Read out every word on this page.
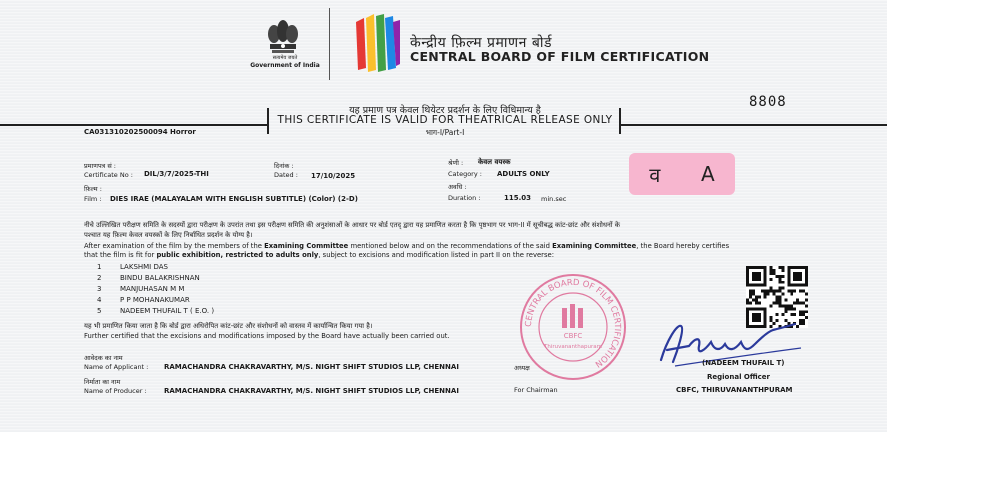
सत्यमेव जयते
Government of India
केन्द्रीय फ़िल्म प्रमाणन बोर्ड
CENTRAL BOARD OF FILM CERTIFICATION
8808
यह प्रमाण पत्र केवल थियेटर प्रदर्शन के लिए विधिमान्य है
THIS CERTIFICATE IS VALID FOR THEATRICAL RELEASE ONLY
भाग-I/Part-I
CA031310202500094 Horror
प्रमाणपत्र सं :
Certificate No : DIL/3/7/2025-THI
दिनांक :
Dated : 17/10/2025
श्रेणी : केवल वयस्क
Category : ADULTS ONLY
फ़िल्म :
Film : DIES IRAE (MALAYALAM WITH ENGLISH SUBTITLE) (Color) (2-D)
अवधि :
Duration :	115.03 min.sec
व A
नीचे उल्लिखित परीक्षण समिति के सदस्यों द्वारा परीक्षण के उपरांत तथा इस परीक्षण समिति की अनुशंसाओं के आधार पर बोर्ड एतद् द्वारा यह प्रमाणित करता है कि पृष्ठभाग पर भाग-II में सूचीबद्ध कांट-छांट और संशोधनों के
पश्चात यह फ़िल्म केवल वयस्कों के लिए निर्बाधित प्रदर्शन के योग्य है।
After examination of the film by the members of the Examining Committee mentioned below and on the recommendations of the said Examining Committee, the Board hereby certifies
that the film is fit for public exhibition, restricted to adults only, subject to excisions and modification listed in part II on the reverse:
1	LAKSHMI DAS
2	BINDU BALAKRISHNAN
3	MANJUHASAN M M
4	P P MOHANAKUMAR
5	NADEEM THUFAIL T ( E.O. )
यह भी प्रमाणित किया जाता है कि बोर्ड द्वारा अधिरोपित कांट-छांट और संशोधनों को वास्तव में कार्यान्वित किया गया है।
Further certified that the excisions and modifications imposed by the Board have actually been carried out.
आवेदक का नाम
Name of Applicant : RAMACHANDRA CHAKRAVARTHY, M/S. NIGHT SHIFT STUDIOS LLP, CHENNAI
निर्माता का नाम
Name of Producer : RAMACHANDRA CHAKRAVARTHY, M/S. NIGHT SHIFT STUDIOS LLP, CHENNAI
अध्यक्ष
For Chairman
CENTRAL BOARD OF FILM CERTIFICATION
CBFC
Thiruvananthapuram
(NADEEM THUFAIL T)
Regional Officer
CBFC, THIRUVANANTHPURAM
